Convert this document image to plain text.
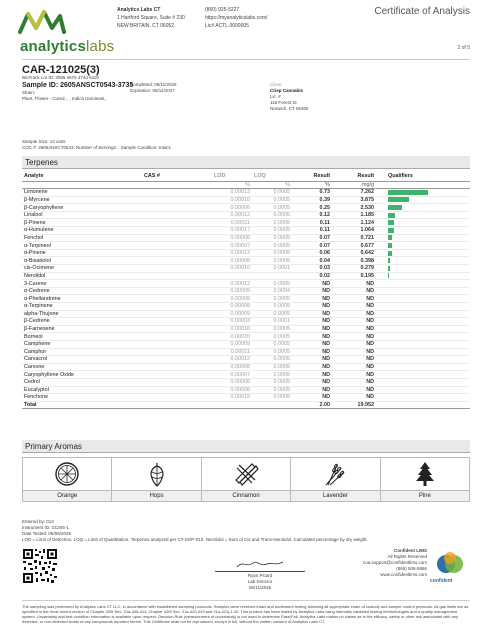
analyticslabs
Analytics Labs CT
1 Hartford Square, Suite # 230
NEW BRITAIN, CT 06052
(860) 925-5227
https://myanalyticslabs.com/
Lic# ACTL.0000005
Certificate of Analysis
2 of 5
CAR-121025(3)
BioTrack Lot ID: 3065 4676 4744 6118
Sample ID: 2605ANSCT0543-3735
Strain:
Plant, Flower - Cured, , , Indica Dominant,
Completed: 05/11/2026
Expiration: 05/11/2027
Client
Crisp Cannabis
Lic. #
115 Forest St
Norwich, CT 06360
Sample Size: 13 units
COC #: 2605ANSCT0543; Number of Servings: ; Sample Condition: Intact;
Terpenes
Analyte	CAS #	LOD	LOQ	Result	Result	Qualifiers
		%	%	%	mg/g	
Limonene		0.00013	0.0005	0.73	7.262	

β-Myrcene		0.00010	0.0005	0.39	3.875	

β-Caryophyllene		0.00006	0.0005	0.25	2.530	

Linalool		0.00012	0.0005	0.12	1.185	

β-Pinene		0.00011	0.0005	0.11	1.124	

α-Humulene		0.00017	0.0005	0.11	1.064	

Fenchol		0.00006	0.0005	0.07	0.721	

α-Terpineol		0.00007	0.0005	0.07	0.677	

α-Pinene		0.00012	0.0005	0.06	0.642	

α-Bisabolol		0.00008	0.0005	0.04	0.398	

cis-Ocimene		0.00010	0.0001	0.03	0.279	

Nerolidol				0.02	0.195	

3-Carene		0.00012	0.0005	ND	ND	
α-Cedrene		0.00009	0.0004	ND	ND	
α-Phellandrene		0.00009	0.0005	ND	ND	
α-Terpinene		0.00008	0.0005	ND	ND	
alpha-Thujone		0.00009	0.0005	ND	ND	
β-Cedrene		0.00003	0.0001	ND	ND	
β-Farnesene		0.00016	0.0005	ND	ND	
Borneol		0.00020	0.0005	ND	ND	
Camphene		0.00009	0.0005	ND	ND	
Camphor		0.00011	0.0005	ND	ND	
Carvacrol		0.00012	0.0005	ND	ND	
Carvone		0.00008	0.0005	ND	ND	
Caryophyllene Oxide		0.00007	0.0005	ND	ND	
Cedrol		0.00006	0.0005	ND	ND	
Eucalyptol		0.00008	0.0005	ND	ND	
Fenchone		0.00015	0.0005	ND	ND	
Total				2.00	19.952	
Primary Aromas
Orange	Hops	Cinnamon	Lavender	Pine
Entered by: 013
Instrument ID: GCMS-1
Date Tested: 05/06/2026
LOD = Limit of Detection, LOQ = Limit of Quantitation. Terpenes analyzed per CT-SOP-010. Nerolidol = Sum of Cis and Trans-Nerolidol. Calculated percentage by dry weight.
Ryan Picard
Lab Director
05/11/2026
Confident LIMS
All Rights Reserved
coa.support@confidentlims.com
(866) 506-5866
www.confidentlims.com
confident
The sampling was performed by Analytics Labs CT LLC, in accordance with established sampling protocols. Samples were received intact and underwent testing following all appropriate chain of custody and sample control protocols. All gas limits are as specified in the most recent version of Chapter 420f Sec. 21a-408-414, Chapter 420f Sec. 21a-420-429 and 21a-421j-1-40. This product has been tested by Analytics Labs using internally validated testing methodologies and a quality management system. Uncertainty and test condition information is available upon request. Decision Rule (measurement of uncertainty) is not used to determine Pass/Fail. Analytics Labs makes no claims as to the efficacy, safety or other risk associated with any detected, or non-detected levels of any compounds reported herein. This Certificate shall not be reproduced, except in full, without the written consent of Analytics Labs CT.
